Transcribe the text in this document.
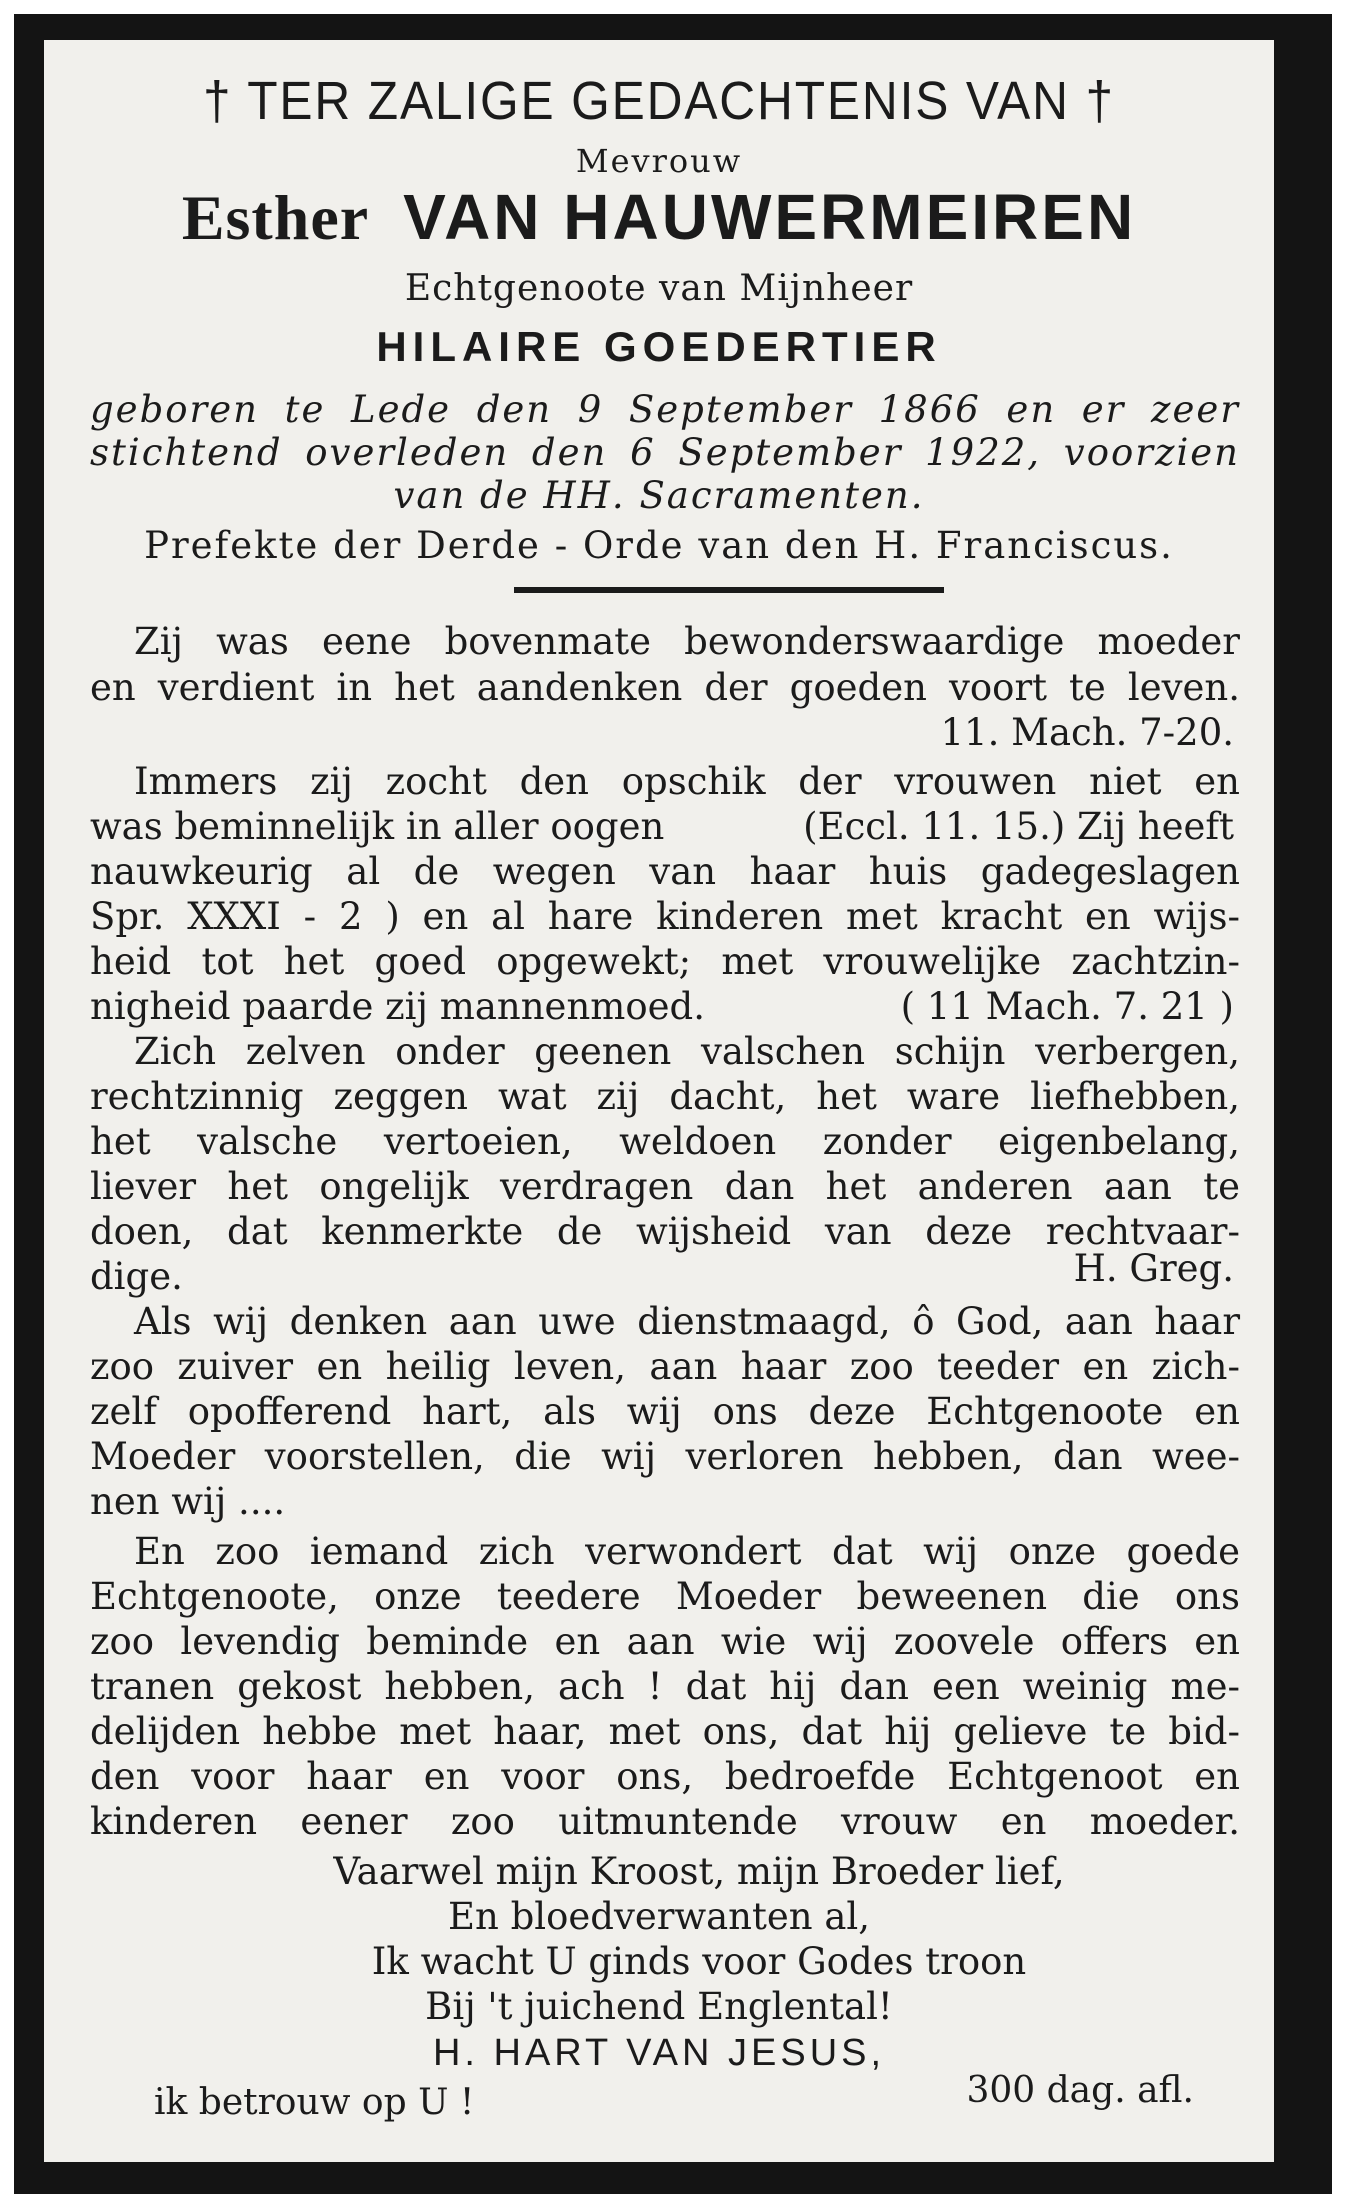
† TER ZALIGE GEDACHTENIS VAN †
Mevrouw
Esther VAN HAUWERMEIREN
Echtgenoote van Mijnheer
HILAIRE GOEDERTIER
geboren te Lede den 9 September 1866 en er zeer
stichtend overleden den 6 September 1922, voorzien
van de HH. Sacramenten.
Prefekte der Derde - Orde van den H. Franciscus.
Zij was eene bovenmate bewonderswaardige moeder
en verdient in het aandenken der goeden voort te leven.
11. Mach. 7-20.
Immers zij zocht den opschik der vrouwen niet en
was beminnelijk in aller oogen	(Eccl. 11. 15.) Zij heeft
nauwkeurig al de wegen van haar huis gadegeslagen
Spr. XXXI - 2 ) en al hare kinderen met kracht en wijs-
heid tot het goed opgewekt; met vrouwelijke zachtzin-
nigheid paarde zij mannenmoed.	( 11 Mach. 7. 21 )
Zich zelven onder geenen valschen schijn verbergen,
rechtzinnig zeggen wat zij dacht, het ware liefhebben,
het valsche vertoeien, weldoen zonder eigenbelang,
liever het ongelijk verdragen dan het anderen aan te
doen, dat kenmerkte de wijsheid van deze rechtvaar-
dige.	H. Greg.
Als wij denken aan uwe dienstmaagd, ô God, aan haar
zoo zuiver en heilig leven, aan haar zoo teeder en zich-
zelf opofferend hart, als wij ons deze Echtgenoote en
Moeder voorstellen, die wij verloren hebben, dan wee-
nen wij ....
En zoo iemand zich verwondert dat wij onze goede
Echtgenoote, onze teedere Moeder beweenen die ons
zoo levendig beminde en aan wie wij zoovele offers en
tranen gekost hebben, ach ! dat hij dan een weinig me-
delijden hebbe met haar, met ons, dat hij gelieve te bid-
den voor haar en voor ons, bedroefde Echtgenoot en
kinderen eener zoo uitmuntende vrouw en moeder.
Vaarwel mijn Kroost, mijn Broeder lief,
En bloedverwanten al,
Ik wacht U ginds voor Godes troon
Bij 't juichend Englental!
H. HART VAN JESUS,
ik betrouw op U !	300 dag. afl.
